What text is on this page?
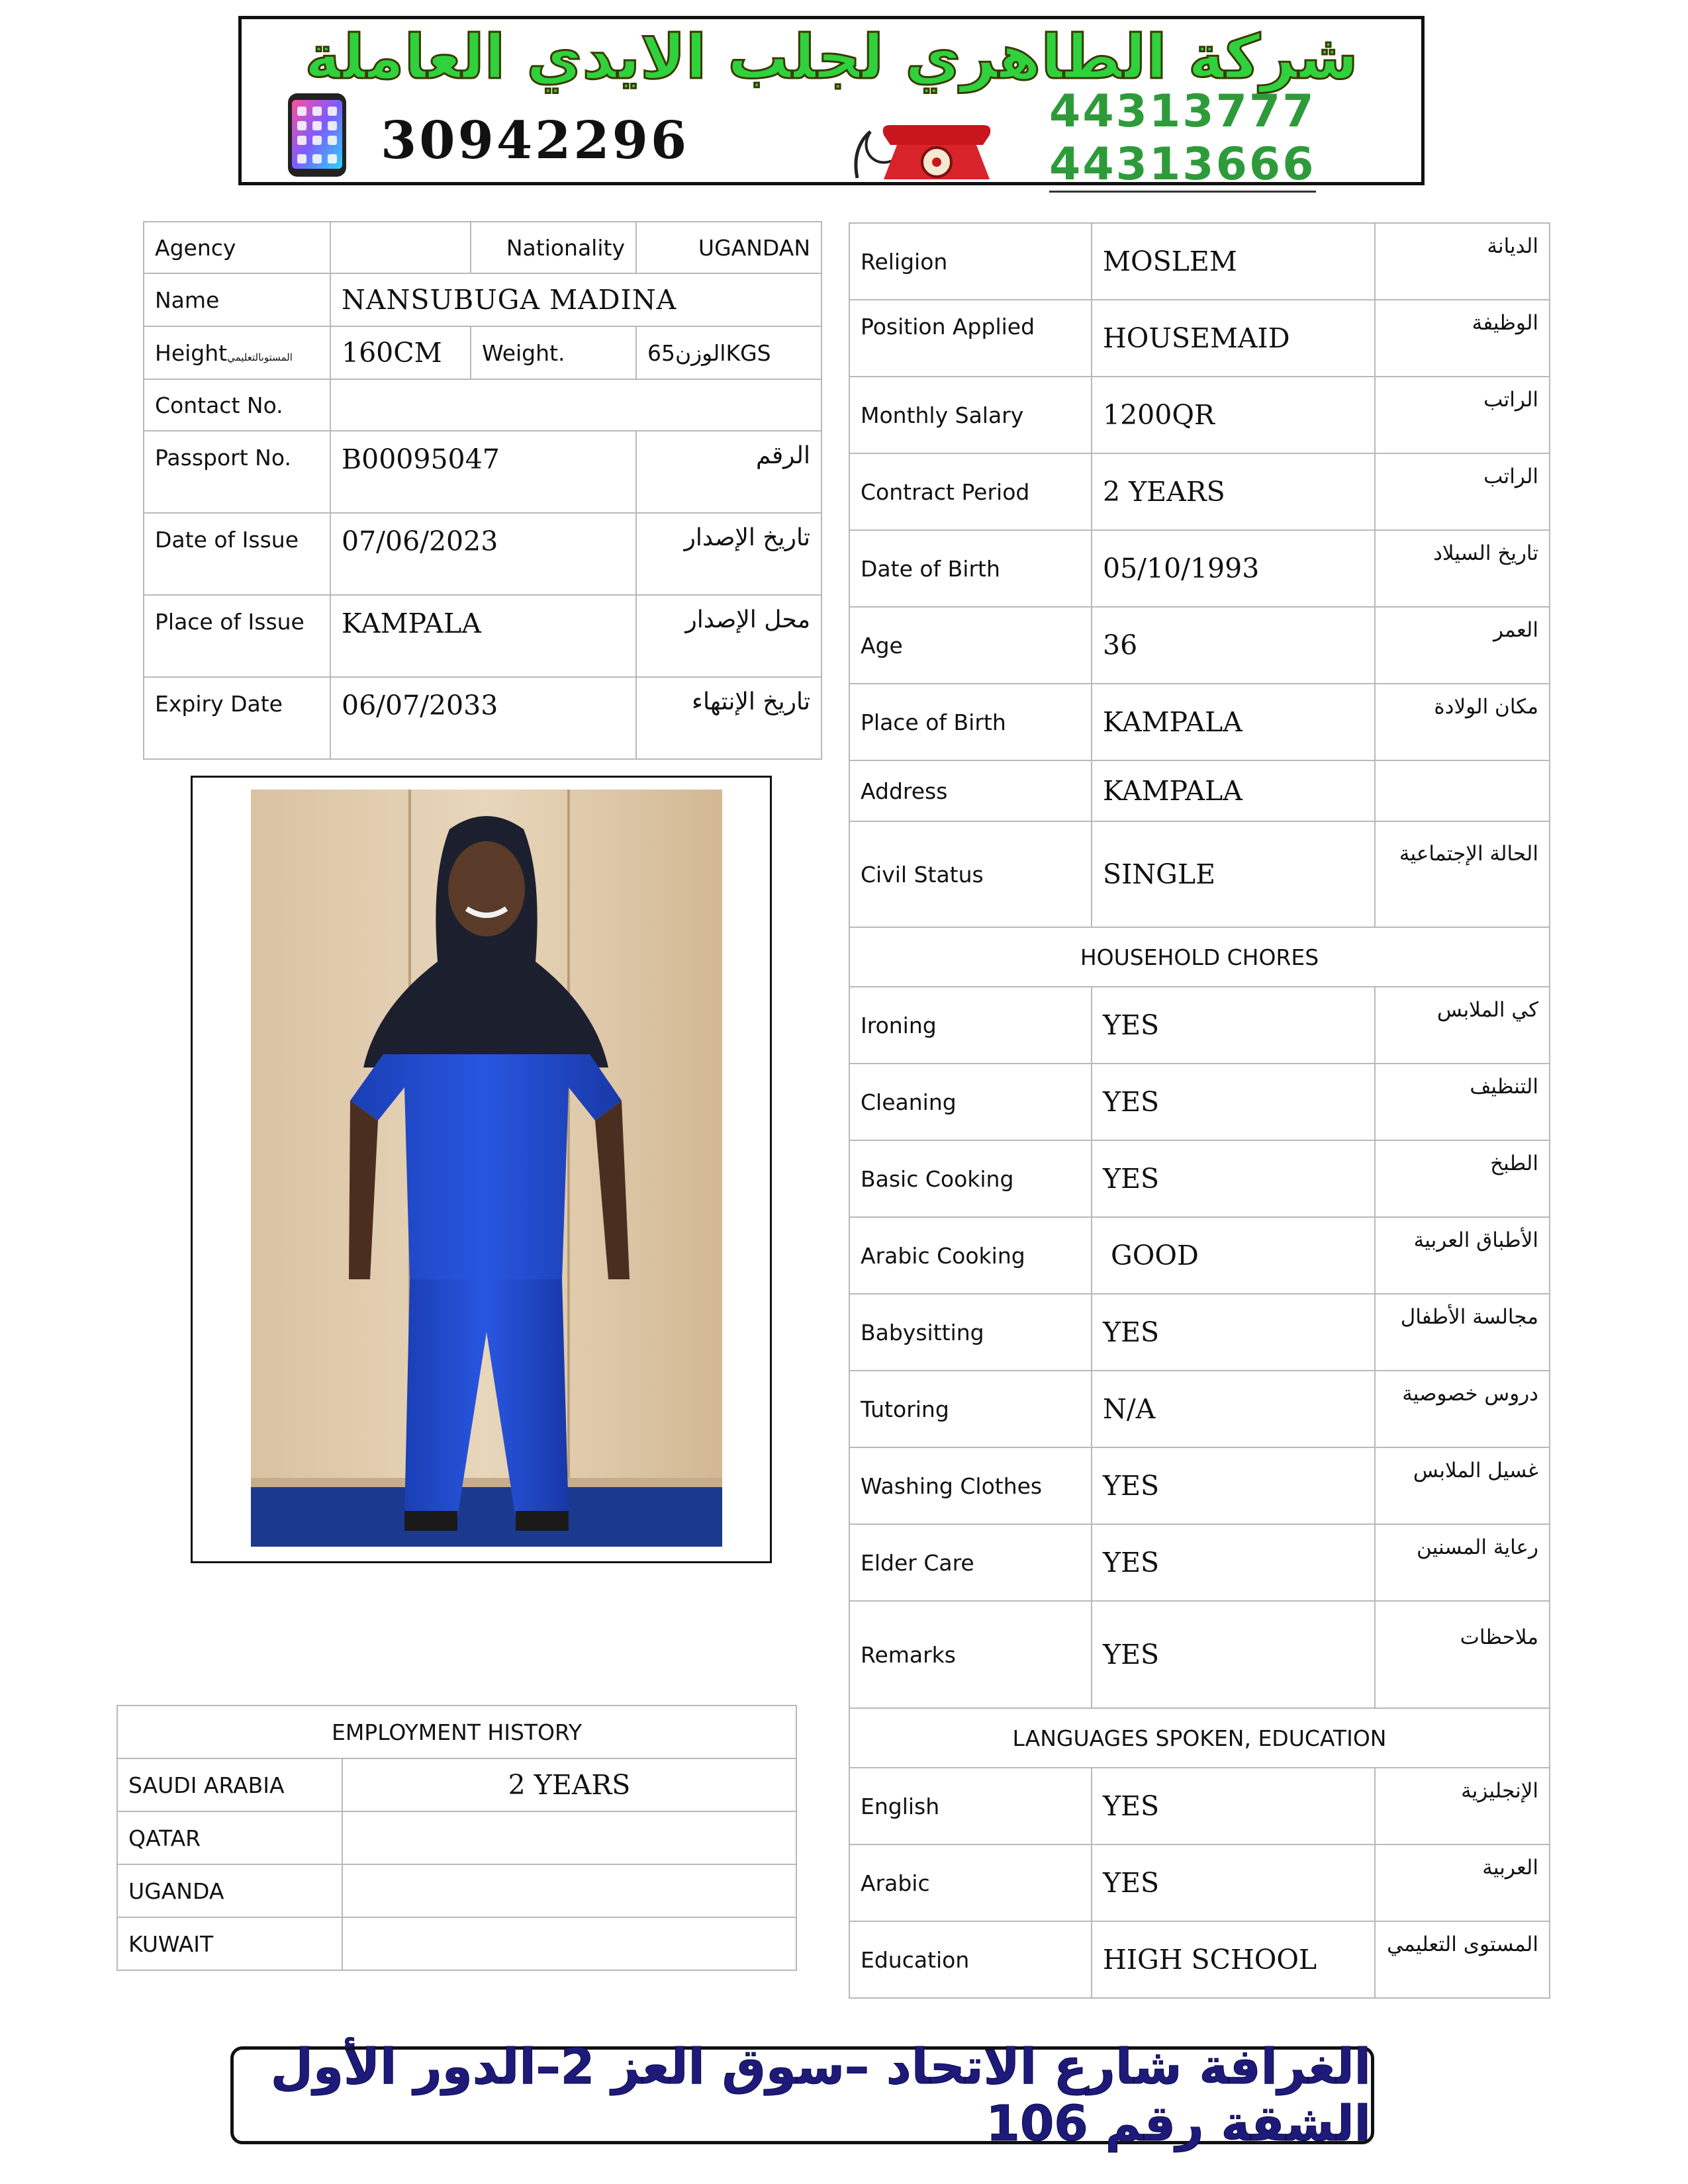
شركة الطاهري لجلب الايدي العاملة
30942296	44313777
44313666
Agency		Nationality	UGANDAN
Name	NANSUBUGA MADINA		
Heightالمستوىالتعليمي	160CM	Weight.	65الوزنKGS
Contact No.			
Passport No.	B00095047		الرقم
Date of Issue	07/06/2023		تاريخ الإصدار
Place of Issue	KAMPALA		محل الإصدار
Expiry Date	06/07/2033		تاريخ الإنتهاء
EMPLOYMENT HISTORY	
SAUDI ARABIA	2 YEARS
QATAR	
UGANDA	
KUWAIT	
Religion	MOSLEM	الديانة
Position Applied	HOUSEMAID	الوظيفة
Monthly Salary	1200QR	الراتب
Contract Period	2 YEARS	الراتب
Date of Birth	05/10/1993	تاريخ السيلاد
Age	36	العمر
Place of Birth	KAMPALA	مكان الولادة
Address	KAMPALA	
Civil Status	SINGLE	الحالة الإجتماعية
HOUSEHOLD CHORES		
Ironing	YES	كي الملابس
Cleaning	YES	التنظيف
Basic Cooking	YES	الطبخ
Arabic Cooking	GOOD	الأطباق العربية
Babysitting	YES	مجالسة الأطفال
Tutoring	N/A	دروس خصوصية
Washing Clothes	YES	غسيل الملابس
Elder Care	YES	رعاية المسنين
Remarks	YES	ملاحظات
LANGUAGES SPOKEN, EDUCATION		
English	YES	الإنجليزية
Arabic	YES	العربية
Education	HIGH SCHOOL	المستوى التعليمي
الغرافة شارع الاتحاد –سوق العز 2–الدور الأول الشقة رقم 106
